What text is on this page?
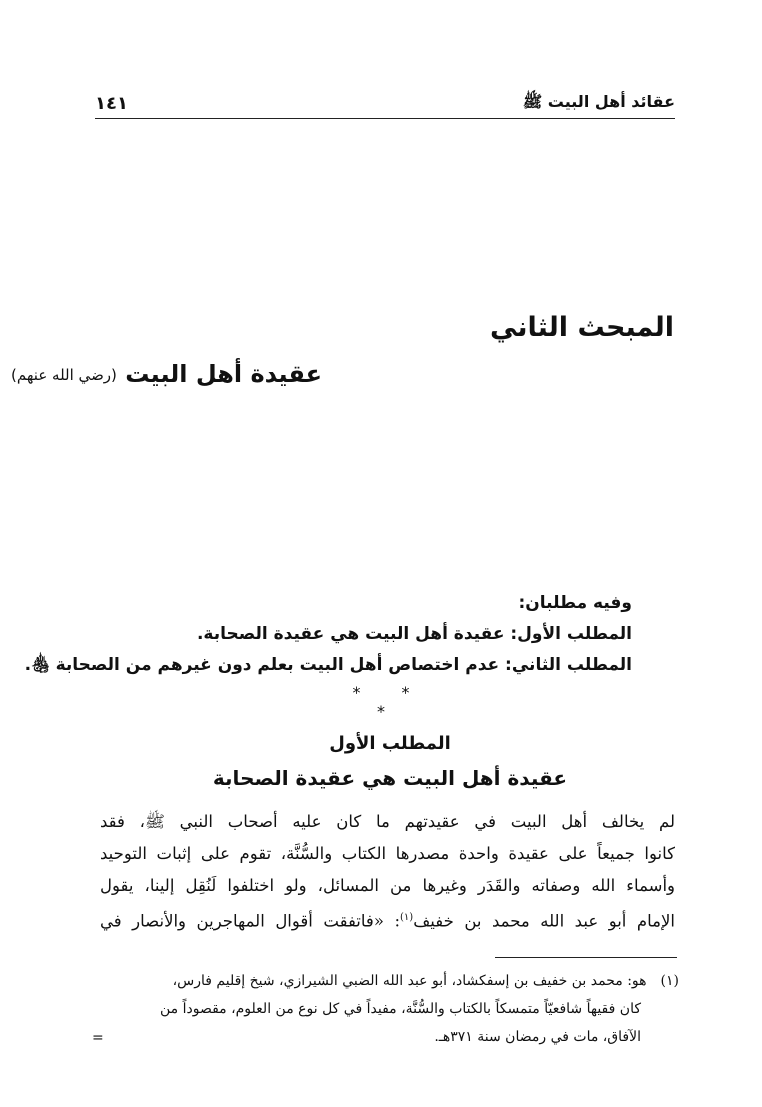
عقائد أهل البيت ﷺ
١٤١
المبحث الثاني
عقيدة أهل البيت (رضي الله عنهم)
وفيه مطلبان:
المطلب الأول: عقيدة أهل البيت هي عقيدة الصحابة.
المطلب الثاني: عدم اختصاص أهل البيت بعلم دون غيرهم من الصحابة ﵃.
* * *
المطلب الأول
عقيدة أهل البيت هي عقيدة الصحابة
لم يخالف أهل البيت في عقيدتهم ما كان عليه أصحاب النبي ﷺ، فقد
كانوا جميعاً على عقيدة واحدة مصدرها الكتاب والسُّنَّة، تقوم على إثبات التوحيد
وأسماء الله وصفاته والقَدَر وغيرها من المسائل، ولو اختلفوا لَنُقِل إلينا، يقول
الإمام أبو عبد الله محمد بن خفيف$^{(١)}$: «فاتفقت أقوال المهاجرين والأنصار في
(١)
هو: محمد بن خفيف بن إسفكشاد، أبو عبد الله الضبي الشيرازي، شيخ إقليم فارس،
كان فقيهاً شافعيّاً متمسكاً بالكتاب والسُّنَّة، مفيداً في كل نوع من العلوم، مقصوداً من
الآفاق، مات في رمضان سنة ٣٧١هـ.
=
